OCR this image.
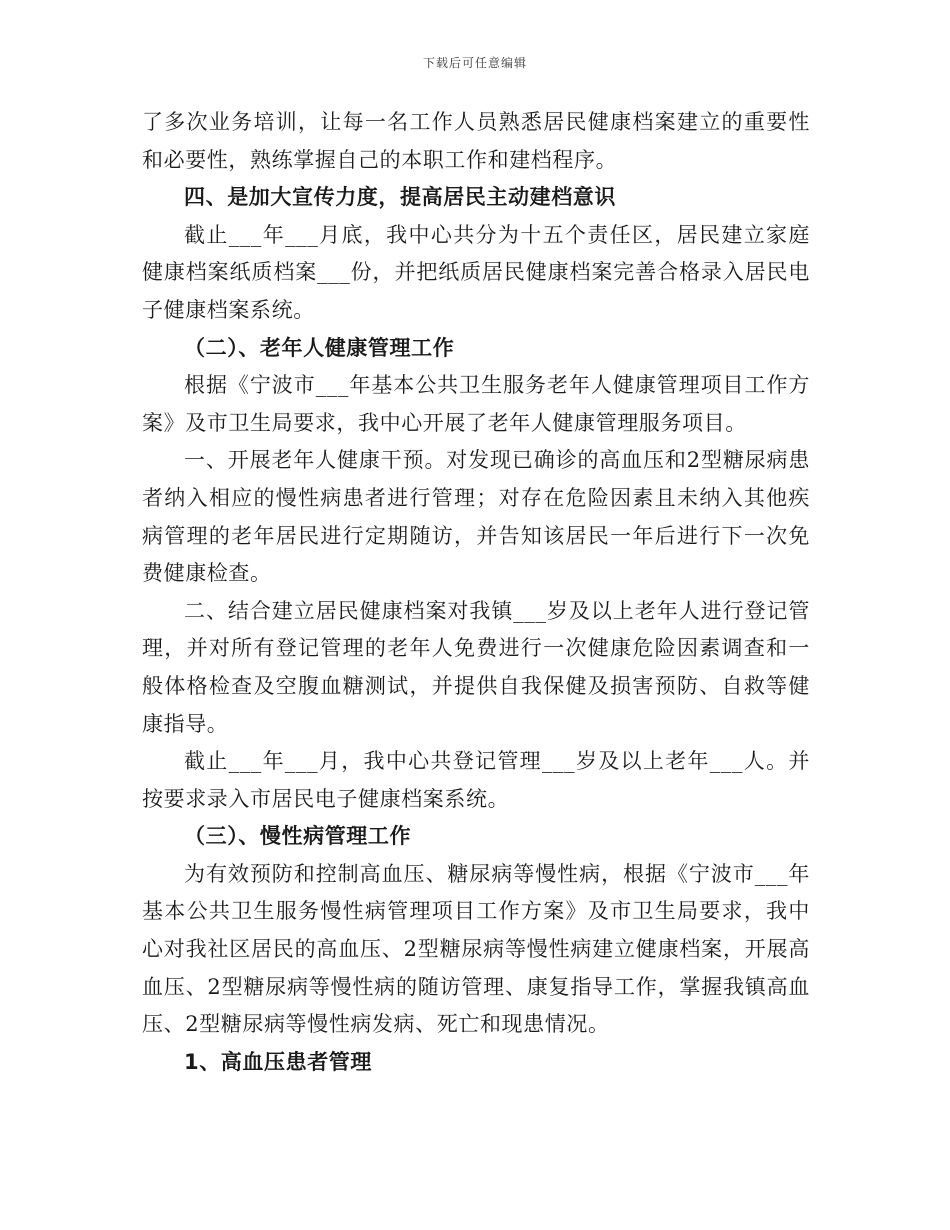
下载后可任意编辑

了多次业务培训，让每一名工作人员熟悉居民健康档案建立的重要性和必要性，熟练掌握自己的本职工作和建档程序。

四、是加大宣传力度，提高居民主动建档意识

截止___年___月底，我中心共分为十五个责任区，居民建立家庭健康档案纸质档案___份，并把纸质居民健康档案完善合格录入居民电子健康档案系统。

（二）、老年人健康管理工作

根据《宁波市___年基本公共卫生服务老年人健康管理项目工作方案》及市卫生局要求，我中心开展了老年人健康管理服务项目。

一、开展老年人健康干预。对发现已确诊的高血压和2型糖尿病患者纳入相应的慢性病患者进行管理；对存在危险因素且未纳入其他疾病管理的老年居民进行定期随访，并告知该居民一年后进行下一次免费健康检查。

二、结合建立居民健康档案对我镇___岁及以上老年人进行登记管理，并对所有登记管理的老年人免费进行一次健康危险因素调查和一般体格检查及空腹血糖测试，并提供自我保健及损害预防、自救等健康指导。

截止___年___月，我中心共登记管理___岁及以上老年___人。并按要求录入市居民电子健康档案系统。

（三）、慢性病管理工作

为有效预防和控制高血压、糖尿病等慢性病，根据《宁波市___年基本公共卫生服务慢性病管理项目工作方案》及市卫生局要求，我中心对我社区居民的高血压、2型糖尿病等慢性病建立健康档案，开展高血压、2型糖尿病等慢性病的随访管理、康复指导工作，掌握我镇高血压、2型糖尿病等慢性病发病、死亡和现患情况。

1、高血压患者管理
